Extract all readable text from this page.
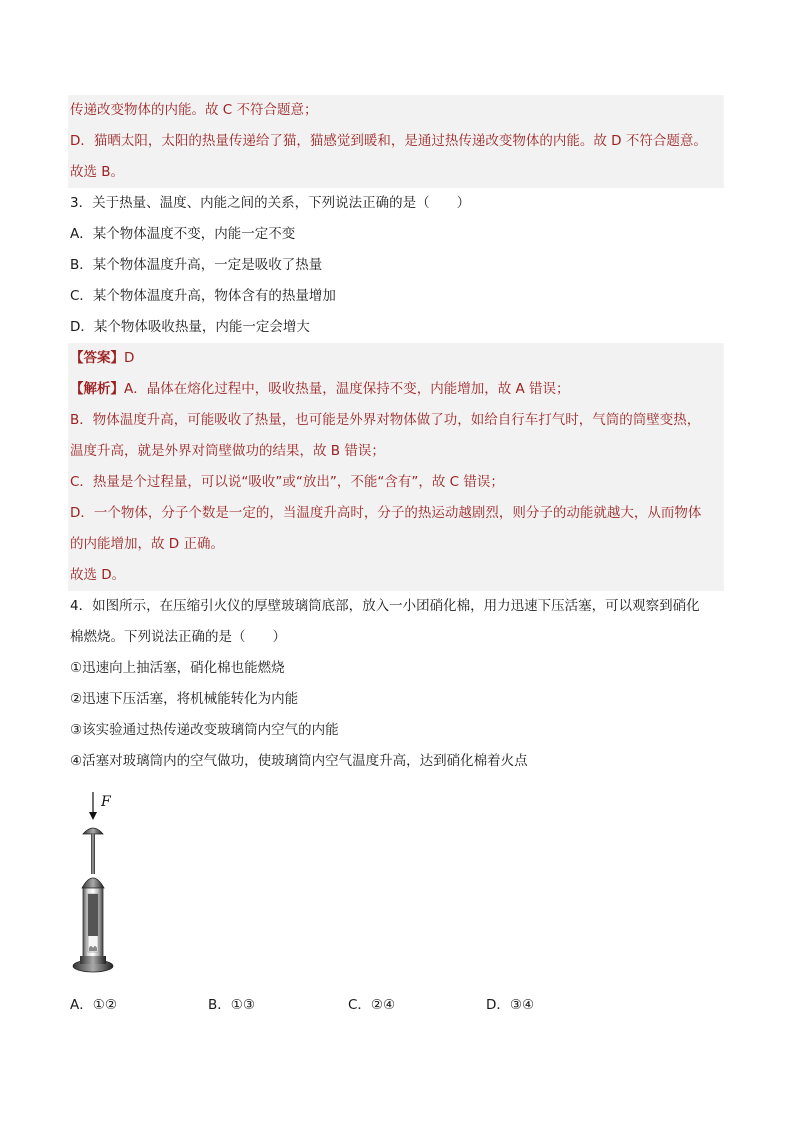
传递改变物体的内能。故 C 不符合题意；
D．猫晒太阳，太阳的热量传递给了猫，猫感觉到暖和，是通过热传递改变物体的内能。故 D 不符合题意。
故选 B。
3．关于热量、温度、内能之间的关系，下列说法正确的是（　　）
A．某个物体温度不变，内能一定不变
B．某个物体温度升高，一定是吸收了热量
C．某个物体温度升高，物体含有的热量增加
D．某个物体吸收热量，内能一定会增大
【答案】D
【解析】A．晶体在熔化过程中，吸收热量，温度保持不变，内能增加，故 A 错误；
B．物体温度升高，可能吸收了热量，也可能是外界对物体做了功，如给自行车打气时，气筒的筒壁变热，
温度升高，就是外界对筒壁做功的结果，故 B 错误；
C．热量是个过程量，可以说“吸收”或“放出”，不能“含有”，故 C 错误；
D．一个物体，分子个数是一定的，当温度升高时，分子的热运动越剧烈，则分子的动能就越大，从而物体
的内能增加，故 D 正确。
故选 D。
4．如图所示，在压缩引火仪的厚壁玻璃筒底部，放入一小团硝化棉，用力迅速下压活塞，可以观察到硝化
棉燃烧。下列说法正确的是（　　）
①迅速向上抽活塞，硝化棉也能燃烧
②迅速下压活塞，将机械能转化为内能
③该实验通过热传递改变玻璃筒内空气的内能
④活塞对玻璃筒内的空气做功，使玻璃筒内空气温度升高，达到硝化棉着火点
F
A．①②	B．①③	C．②④	D．③④
